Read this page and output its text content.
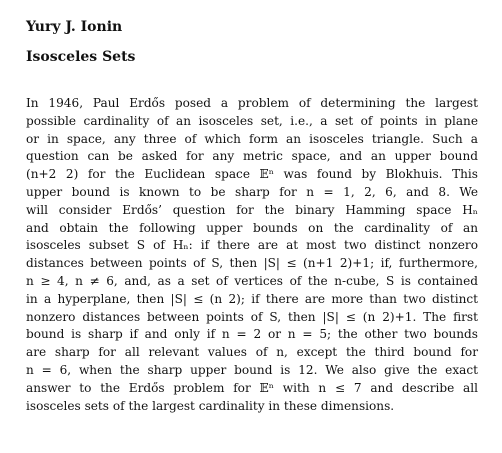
Yury J. Ionin
Isosceles Sets
In 1946, Paul Erdős posed a problem of determining the largest
possible cardinality of an isosceles set, i.e., a set of points in plane
or in space, any three of which form an isosceles triangle. Such a
question can be asked for any metric space, and an upper bound
(n+2 2) for the Euclidean space 𝔼ⁿ was found by Blokhuis. This
upper bound is known to be sharp for n = 1, 2, 6, and 8. We
will consider Erdős’ question for the binary Hamming space Hₙ
and obtain the following upper bounds on the cardinality of an
isosceles subset S of Hₙ: if there are at most two distinct nonzero
distances between points of S, then |S| ≤ (n+1 2)+1; if, furthermore,
n ≥ 4, n ≠ 6, and, as a set of vertices of the n-cube, S is contained
in a hyperplane, then |S| ≤ (n 2); if there are more than two distinct
nonzero distances between points of S, then |S| ≤ (n 2)+1. The first
bound is sharp if and only if n = 2 or n = 5; the other two bounds
are sharp for all relevant values of n, except the third bound for
n = 6, when the sharp upper bound is 12. We also give the exact
answer to the Erdős problem for 𝔼ⁿ with n ≤ 7 and describe all
isosceles sets of the largest cardinality in these dimensions.
